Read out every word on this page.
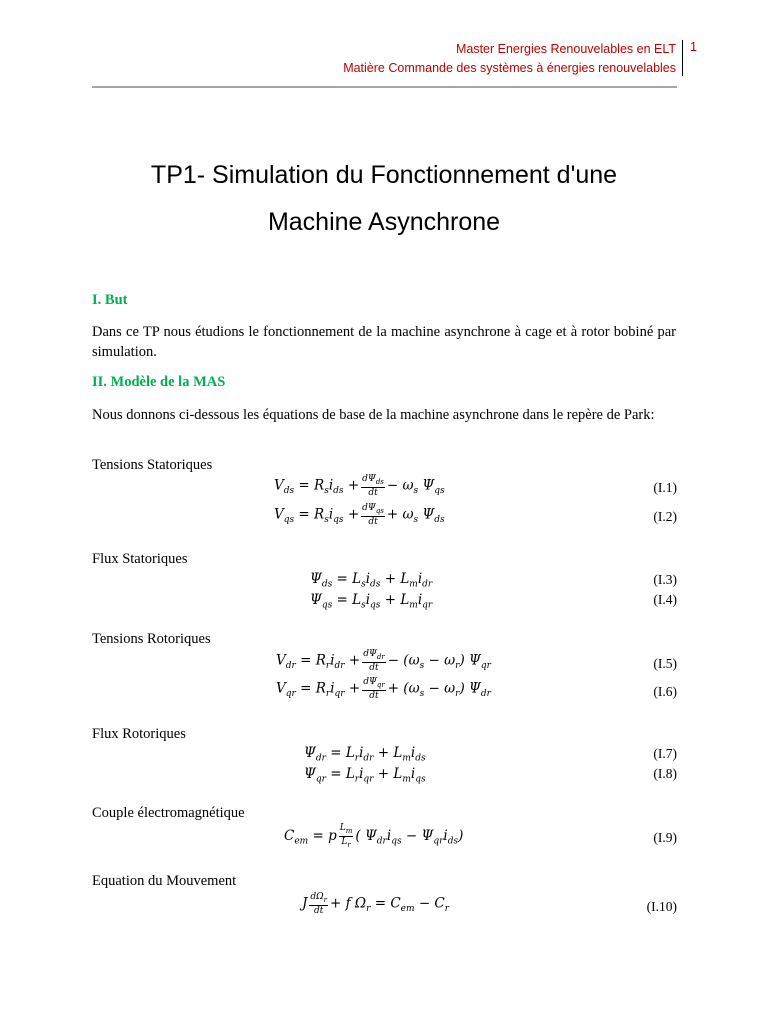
Master Energies Renouvelables en ELT
Matière Commande des systèmes à énergies renouvelables
1
TP1- Simulation du Fonctionnement d'une
Machine Asynchrone
I. But
Dans ce TP nous étudions le fonctionnement de la machine asynchrone à cage et à rotor bobiné par simulation.
II. Modèle de la MAS
Nous donnons ci-dessous les équations de base de la machine asynchrone dans le repère de Park:
Tensions Statoriques
$V_{ds} = R_si_{ds} + \frac{d\Psi_{ds}}{dt} - \omega_s$ $\Psi_{qs}$	(I.1)
$V_{qs} = R_si_{qs} + \frac{d\Psi_{qs}}{dt} + \omega_s$ $\Psi_{ds}$	(I.2)
Flux Statoriques
$\Psi_{ds} = L_si_{ds} + L_mi_{dr}$	(I.3)
$\Psi_{qs} = L_si_{qs} + L_mi_{qr}$	(I.4)
Tensions Rotoriques
$V_{dr} = R_ri_{dr} + \frac{d\Psi_{dr}}{dt} - (\omega_s - \omega_r)$ $\Psi_{qr}$	(I.5)
$V_{qr} = R_ri_{qr} + \frac{d\Psi_{qr}}{dt} + (\omega_s - \omega_r)$ $\Psi_{dr}$	(I.6)
Flux Rotoriques
$\Psi_{dr} = L_ri_{dr} + L_mi_{ds}$	(I.7)
$\Psi_{qr} = L_ri_{qr} + L_mi_{qs}$	(I.8)
Couple électromagnétique
$C_{em} = p \frac{L_m}{L_r}$ ( $\Psi_{dr}i_{qs} - \Psi_{qr}i_{ds}$)	(I.9)
Equation du Mouvement
J $\frac{d\Omega_r}{dt} + f$ $\Omega_r = C_{em} - C_r$	(I.10)
